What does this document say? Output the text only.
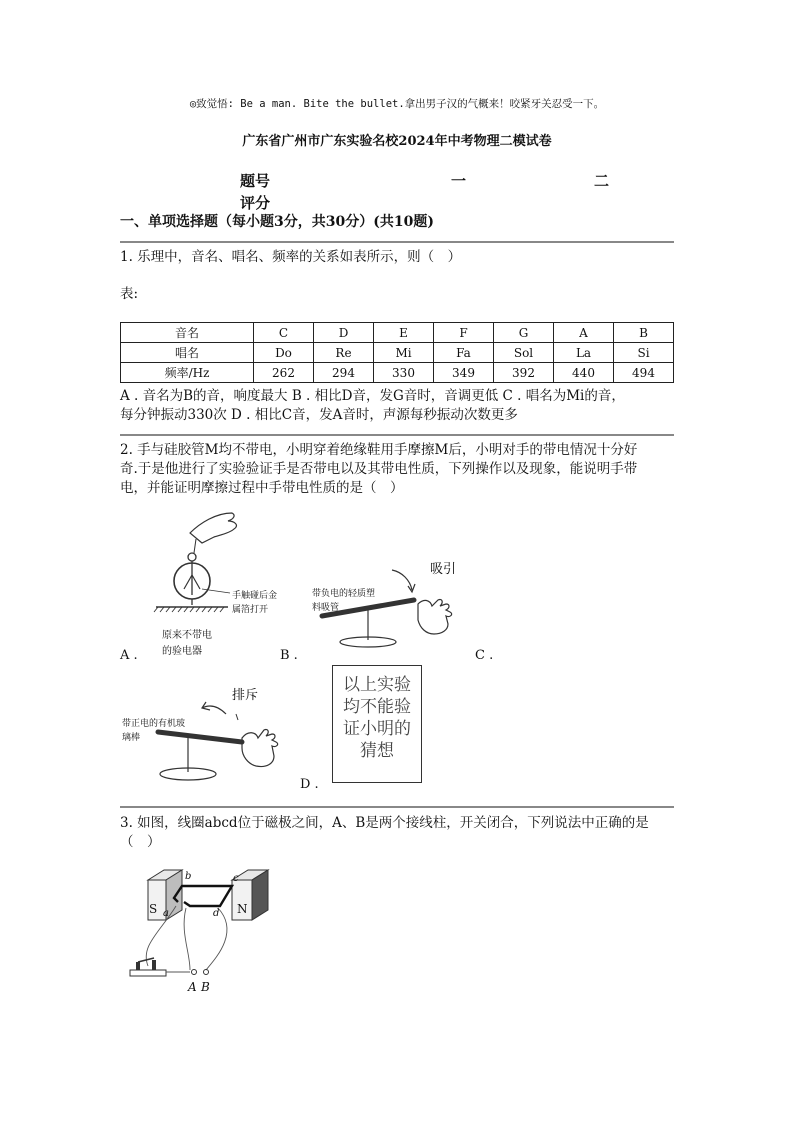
◎致觉悟: Be a man. Bite the bullet.拿出男子汉的气概来！咬紧牙关忍受一下。
广东省广州市广东实验名校2024年中考物理二模试卷
题号	一	二
评分
一、单项选择题（每小题3分，共30分）(共10题)
1. 乐理中，音名、唱名、频率的关系如表所示，则（　）
表:
音名	C	D	E	F	G	A	B
唱名	Do	Re	Mi	Fa	Sol	La	Si
频率/Hz	262	294	330	349	392	440	494
A . 音名为B的音，响度最大 B . 相比D音，发G音时，音调更低 C . 唱名为Mi的音，
每分钟振动330次 D . 相比C音，发A音时，声源每秒振动次数更多
2. 手与硅胶管M均不带电，小明穿着绝缘鞋用手摩擦M后，小明对手的带电情况十分好
奇.于是他进行了实验验证手是否带电以及其带电性质，下列操作以及现象，能说明手带
电，并能证明摩擦过程中手带电性质的是（　）
手触碰后金
属箔打开
原来不带电
的验电器
A .	B .
带负电的轻质塑
料吸管
吸引
C .
排斥
带正电的有机玻
璃棒
D .
以上实验
均不能验
证小明的
猜想
3. 如图，线圈abcd位于磁极之间，A、B是两个接线柱，开关闭合，下列说法中正确的是
（　）
S	N
a
b	c
d
A B
